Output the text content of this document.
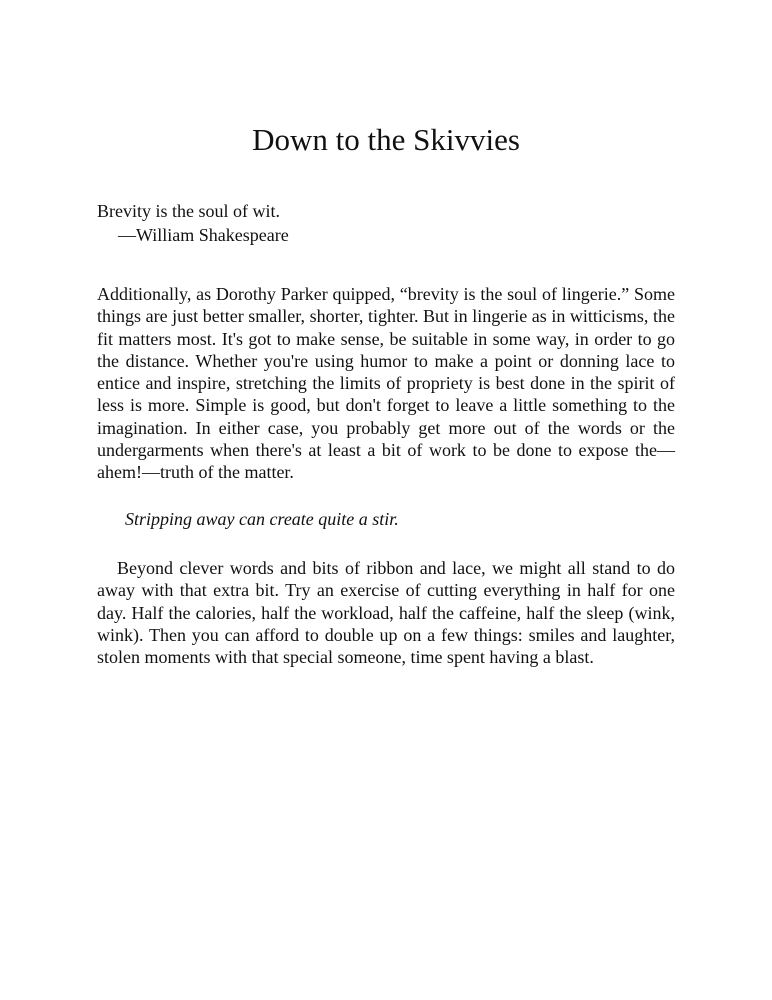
Down to the Skivvies
Brevity is the soul of wit.
—William Shakespeare

Additionally, as Dorothy Parker quipped, “brevity is the soul of lingerie.” Some things are just better smaller, shorter, tighter. But in lingerie as in witticisms, the fit matters most. It's got to make sense, be suitable in some way, in order to go the distance. Whether you're using humor to make a point or donning lace to entice and inspire, stretching the limits of propriety is best done in the spirit of less is more. Simple is good, but don't forget to leave a little something to the imagination. In either case, you probably get more out of the words or the undergarments when there's at least a bit of work to be done to expose the—ahem!—truth of the matter.

Stripping away can create quite a stir.

Beyond clever words and bits of ribbon and lace, we might all stand to do away with that extra bit. Try an exercise of cutting everything in half for one day. Half the calories, half the workload, half the caffeine, half the sleep (wink, wink). Then you can afford to double up on a few things: smiles and laughter, stolen moments with that special someone, time spent having a blast.
